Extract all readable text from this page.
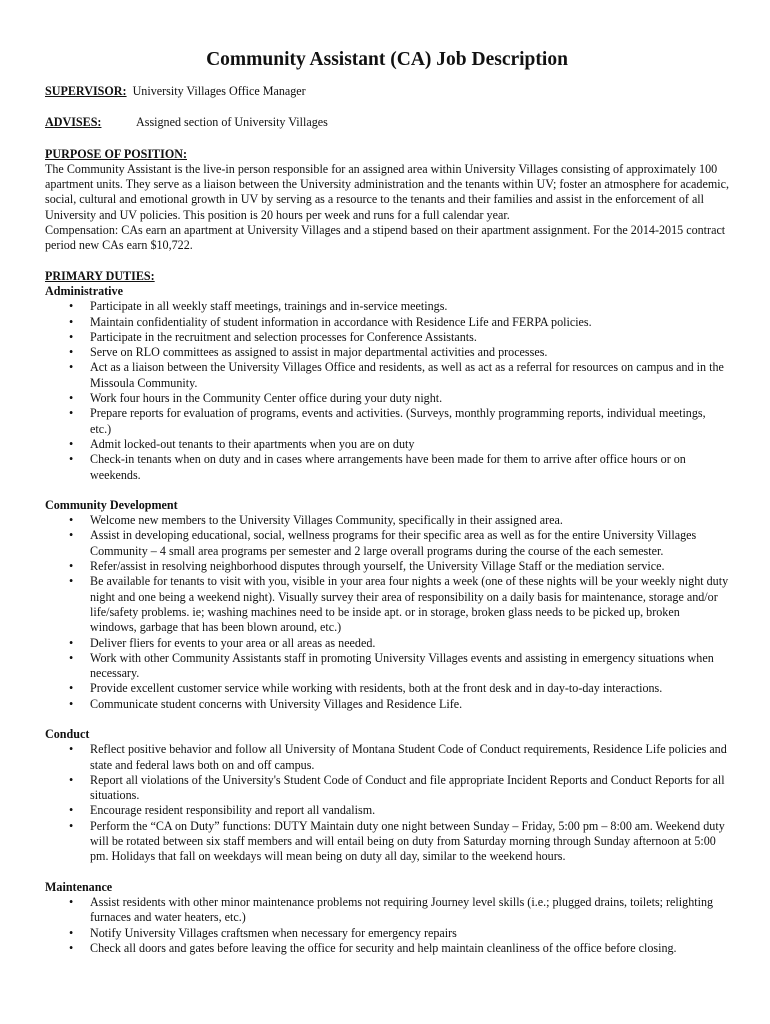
Community Assistant (CA) Job Description
SUPERVISOR: University Villages Office Manager
ADVISES:	Assigned section of University Villages
PURPOSE OF POSITION:

The Community Assistant is the live-in person responsible for an assigned area within University Villages consisting of approximately 100 apartment units. They serve as a liaison between the University administration and the tenants within UV; foster an atmosphere for academic, social, cultural and emotional growth in UV by serving as a resource to the tenants and their families and assist in the enforcement of all University and UV policies. This position is 20 hours per week and runs for a full calendar year.

Compensation: CAs earn an apartment at University Villages and a stipend based on their apartment assignment. For the 2014-2015 contract period new CAs earn $10,722.

PRIMARY DUTIES:
Administrative
• Participate in all weekly staff meetings, trainings and in-service meetings.
• Maintain confidentiality of student information in accordance with Residence Life and FERPA policies.
• Participate in the recruitment and selection processes for Conference Assistants.
• Serve on RLO committees as assigned to assist in major departmental activities and processes.
• Act as a liaison between the University Villages Office and residents, as well as act as a referral for resources on campus and in the Missoula Community.
• Work four hours in the Community Center office during your duty night.
• Prepare reports for evaluation of programs, events and activities. (Surveys, monthly programming reports, individual meetings, etc.)
• Admit locked-out tenants to their apartments when you are on duty
• Check-in tenants when on duty and in cases where arrangements have been made for them to arrive after office hours or on weekends.
Community Development
• Welcome new members to the University Villages Community, specifically in their assigned area.
• Assist in developing educational, social, wellness programs for their specific area as well as for the entire University Villages Community – 4 small area programs per semester and 2 large overall programs during the course of the each semester.
• Refer/assist in resolving neighborhood disputes through yourself, the University Village Staff or the mediation service.
• Be available for tenants to visit with you, visible in your area four nights a week (one of these nights will be your weekly night duty night and one being a weekend night). Visually survey their area of responsibility on a daily basis for maintenance, storage and/or life/safety problems. ie; washing machines need to be inside apt. or in storage, broken glass needs to be picked up, broken windows, garbage that has been blown around, etc.)
• Deliver fliers for events to your area or all areas as needed.
• Work with other Community Assistants staff in promoting University Villages events and assisting in emergency situations when necessary.
• Provide excellent customer service while working with residents, both at the front desk and in day-to-day interactions.
• Communicate student concerns with University Villages and Residence Life.
Conduct
• Reflect positive behavior and follow all University of Montana Student Code of Conduct requirements, Residence Life policies and state and federal laws both on and off campus.
• Report all violations of the University's Student Code of Conduct and file appropriate Incident Reports and Conduct Reports for all situations.
• Encourage resident responsibility and report all vandalism.
• Perform the “CA on Duty” functions: DUTY Maintain duty one night between Sunday – Friday, 5:00 pm – 8:00 am. Weekend duty will be rotated between six staff members and will entail being on duty from Saturday morning through Sunday afternoon at 5:00 pm. Holidays that fall on weekdays will mean being on duty all day, similar to the weekend hours.
Maintenance
• Assist residents with other minor maintenance problems not requiring Journey level skills (i.e.; plugged drains, toilets; relighting furnaces and water heaters, etc.)
• Notify University Villages craftsmen when necessary for emergency repairs
• Check all doors and gates before leaving the office for security and help maintain cleanliness of the office before closing.
